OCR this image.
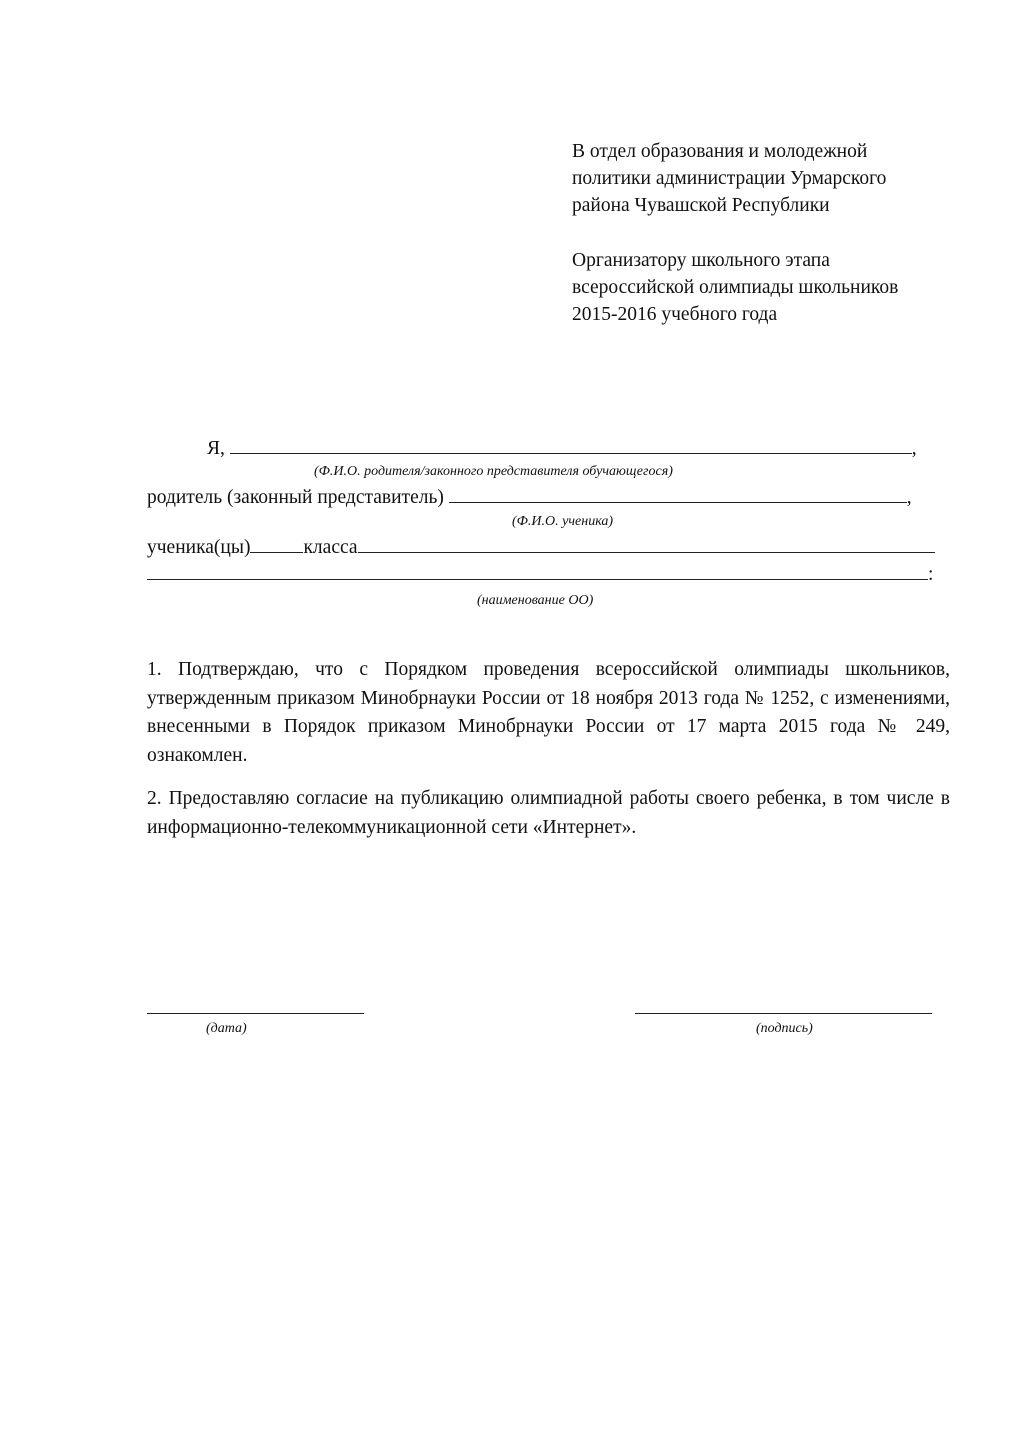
В отдел образования и молодежной
политики администрации Урмарского
района Чувашской Республики
Организатору школьного этапа
всероссийской олимпиады школьников
2015-2016 учебного года
Я,	,
(Ф.И.О. родителя/законного представителя обучающегося)
родитель (законный представитель)	,
(Ф.И.О. ученика)
ученика(цы)	класса
:
(наименование ОО)
1. Подтверждаю, что с Порядком проведения всероссийской олимпиады школьников, утвержденным приказом Минобрнауки России от 18 ноября 2013 года № 1252, с изменениями, внесенными в Порядок приказом Минобрнауки России от 17 марта 2015 года № 249, ознакомлен.
2. Предоставляю согласие на публикацию олимпиадной работы своего ребенка, в том числе в информационно-телекоммуникационной сети «Интернет».
(дата)	(подпись)
